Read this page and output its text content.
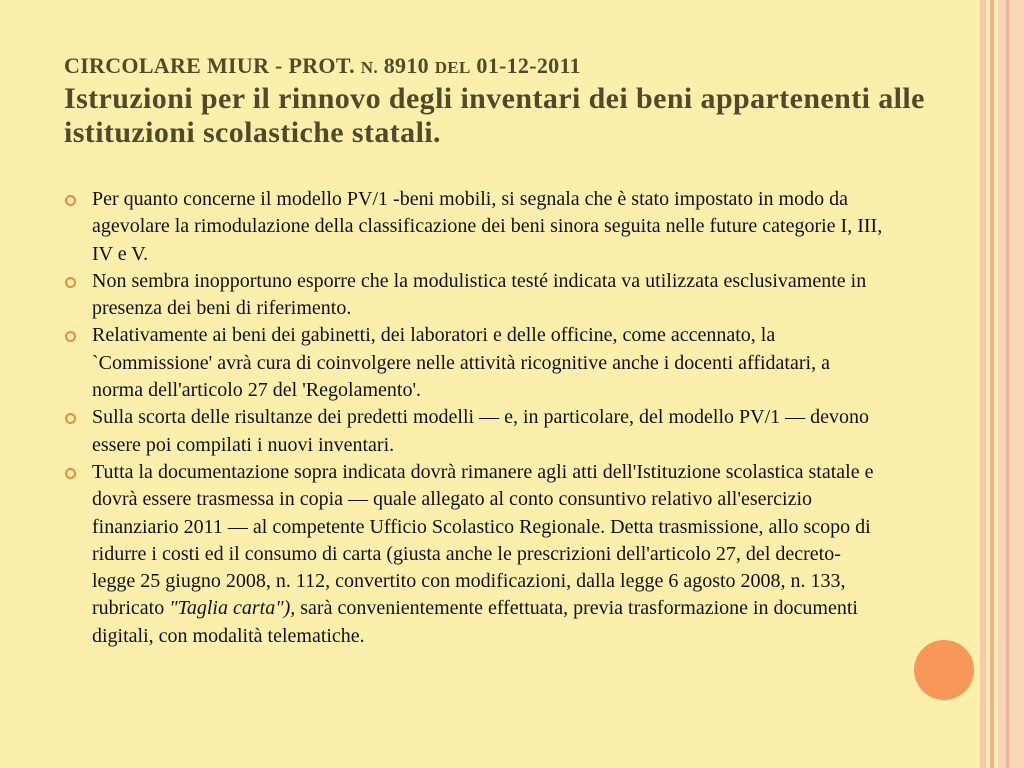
CIRCOLARE MIUR - PROT. N. 8910 DEL 01-12-2011
Istruzioni per il rinnovo degli inventari dei beni appartenenti alle istituzioni scolastiche statali.
Per quanto concerne il modello PV/1 -beni mobili, si segnala che è stato impostato in modo da agevolare la rimodulazione della classificazione dei beni sinora seguita nelle future categorie I, III, IV e V.
Non sembra inopportuno esporre che la modulistica testé indicata va utilizzata esclusivamente in presenza dei beni di riferimento.
Relativamente ai beni dei gabinetti, dei laboratori e delle officine, come accennato, la `Commissione' avrà cura di coinvolgere nelle attività ricognitive anche i docenti affidatari, a norma dell'articolo 27 del 'Regolamento'.
Sulla scorta delle risultanze dei predetti modelli — e, in particolare, del modello PV/1 — devono essere poi compilati i nuovi inventari.
Tutta la documentazione sopra indicata dovrà rimanere agli atti dell'Istituzione scolastica statale e dovrà essere trasmessa in copia — quale allegato al conto consuntivo relativo all'esercizio finanziario 2011 — al competente Ufficio Scolastico Regionale. Detta trasmissione, allo scopo di ridurre i costi ed il consumo di carta (giusta anche le prescrizioni dell'articolo 27, del decreto-legge 25 giugno 2008, n. 112, convertito con modificazioni, dalla legge 6 agosto 2008, n. 133, rubricato "Taglia carta"), sarà convenientemente effettuata, previa trasformazione in documenti digitali, con modalità telematiche.
